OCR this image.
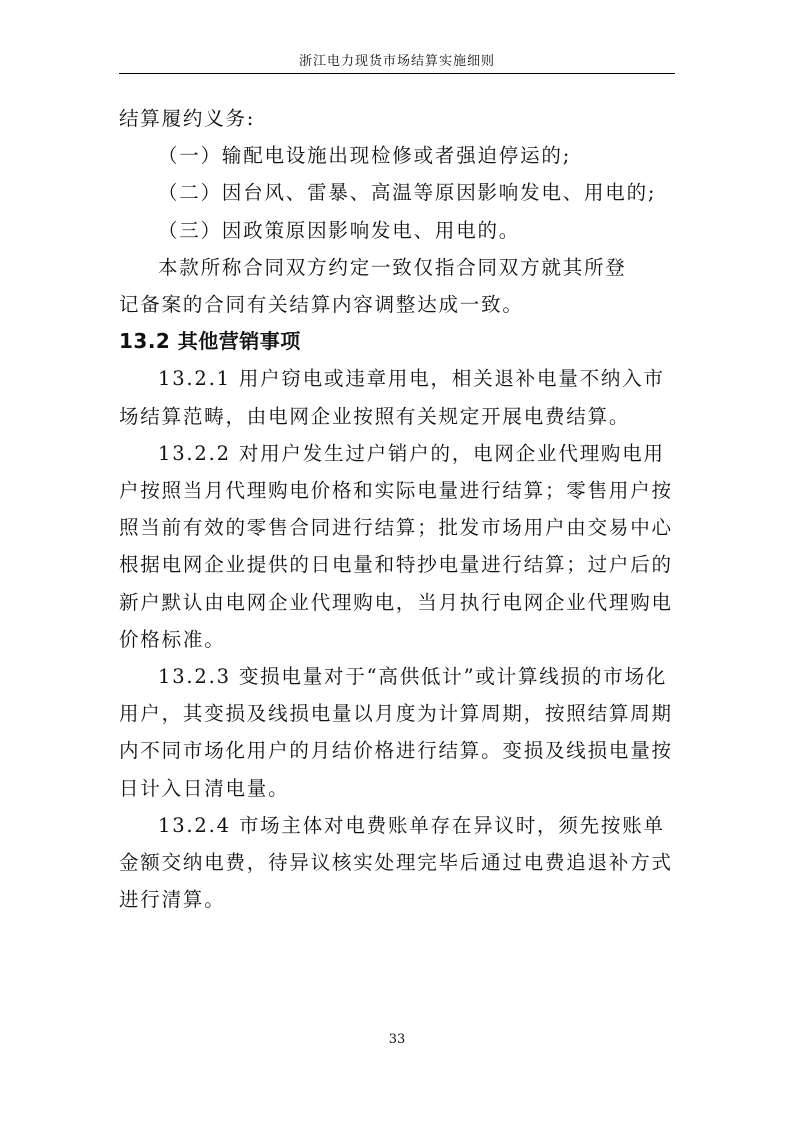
浙江电力现货市场结算实施细则

结算履约义务:

（一）输配电设施出现检修或者强迫停运的;

（二）因台风、雷暴、高温等原因影响发电、用电的;

（三）因政策原因影响发电、用电的。

本款所称合同双方约定一致仅指合同双方就其所登

记备案的合同有关结算内容调整达成一致。

13.2 其他营销事项

13.2.1 用户窃电或违章用电，相关退补电量不纳入市

场结算范畴，由电网企业按照有关规定开展电费结算。

13.2.2 对用户发生过户销户的，电网企业代理购电用

户按照当月代理购电价格和实际电量进行结算；零售用户按

照当前有效的零售合同进行结算；批发市场用户由交易中心

根据电网企业提供的日电量和特抄电量进行结算；过户后的

新户默认由电网企业代理购电，当月执行电网企业代理购电

价格标准。

13.2.3 变损电量对于“高供低计”或计算线损的市场化

用户，其变损及线损电量以月度为计算周期，按照结算周期

内不同市场化用户的月结价格进行结算。变损及线损电量按

日计入日清电量。

13.2.4 市场主体对电费账单存在异议时，须先按账单

金额交纳电费，待异议核实处理完毕后通过电费追退补方式

进行清算。

33
